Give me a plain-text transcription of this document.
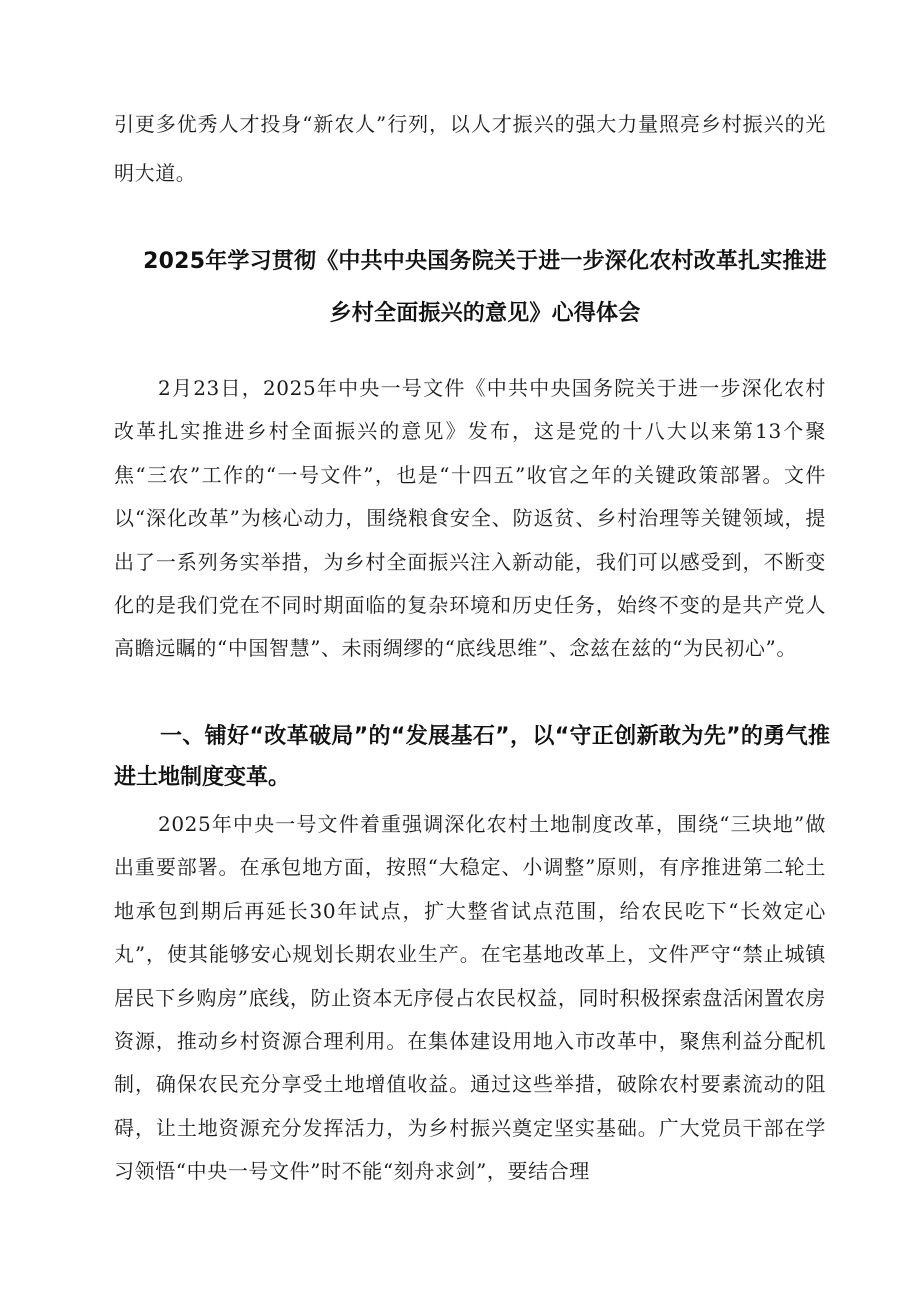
引更多优秀人才投身“新农人”行列，以人才振兴的强大力量照亮乡村振兴的光明大道。

2025年学习贯彻《中共中央国务院关于进一步深化农村改革扎实推进乡村全面振兴的意见》心得体会

2月23日，2025年中央一号文件《中共中央国务院关于进一步深化农村改革扎实推进乡村全面振兴的意见》发布，这是党的十八大以来第13个聚焦“三农”工作的“一号文件”，也是“十四五”收官之年的关键政策部署。文件以“深化改革”为核心动力，围绕粮食安全、防返贫、乡村治理等关键领域，提出了一系列务实举措，为乡村全面振兴注入新动能，我们可以感受到，不断变化的是我们党在不同时期面临的复杂环境和历史任务，始终不变的是共产党人高瞻远瞩的“中国智慧”、未雨绸缪的“底线思维”、念兹在兹的“为民初心”。

一、铺好“改革破局”的“发展基石”，以“守正创新敢为先”的勇气推进土地制度变革。

2025年中央一号文件着重强调深化农村土地制度改革，围绕“三块地”做出重要部署。在承包地方面，按照“大稳定、小调整”原则，有序推进第二轮土地承包到期后再延长30年试点，扩大整省试点范围，给农民吃下“长效定心丸”，使其能够安心规划长期农业生产。在宅基地改革上，文件严守“禁止城镇居民下乡购房”底线，防止资本无序侵占农民权益，同时积极探索盘活闲置农房资源，推动乡村资源合理利用。在集体建设用地入市改革中，聚焦利益分配机制，确保农民充分享受土地增值收益。通过这些举措，破除农村要素流动的阻碍，让土地资源充分发挥活力，为乡村振兴奠定坚实基础。广大党员干部在学习领悟“中央一号文件”时不能“刻舟求剑”，要结合理
